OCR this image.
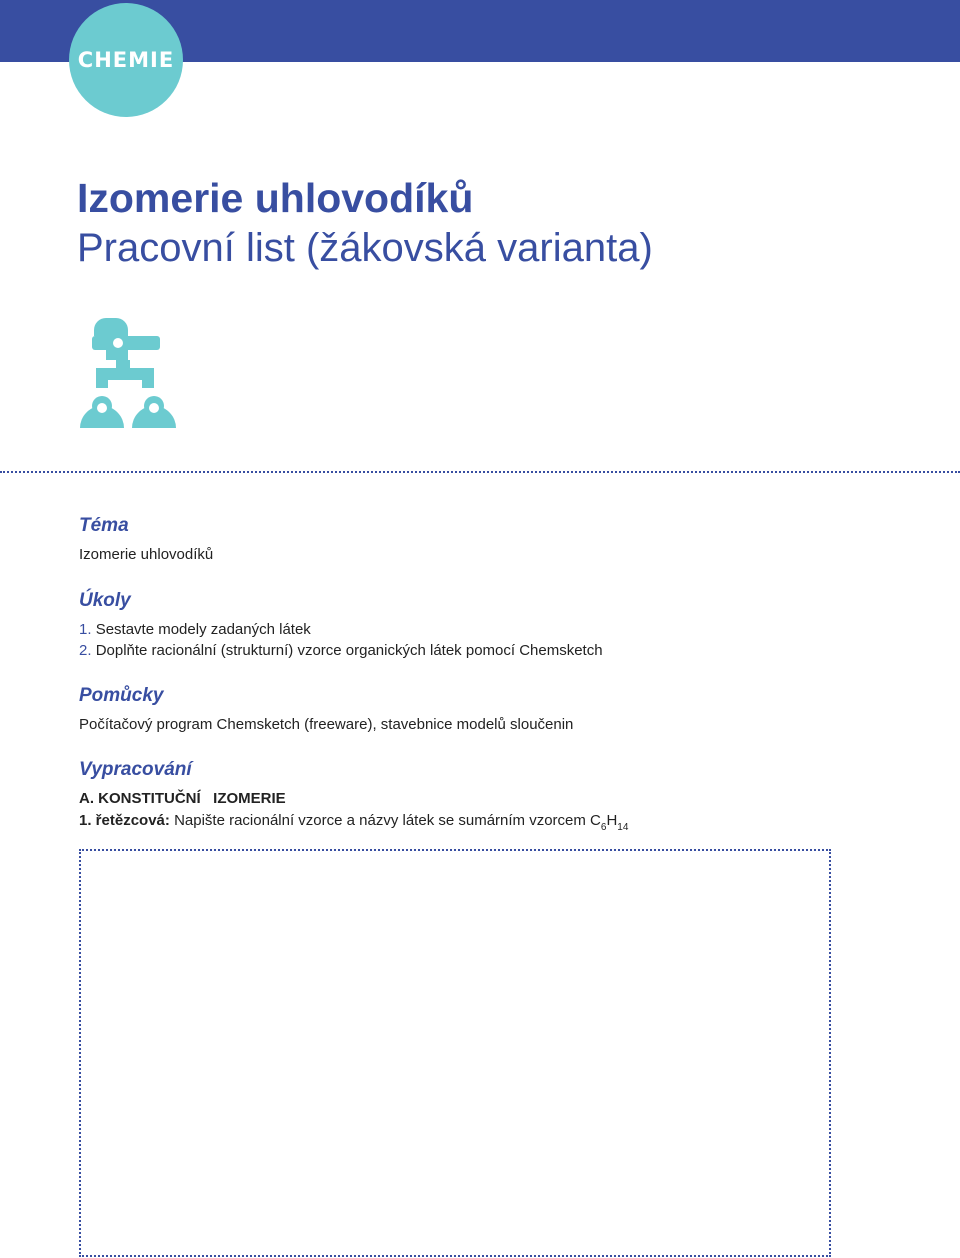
CHEMIE
Izomerie uhlovodíků
Pracovní list (žákovská varianta)
Téma

Izomerie uhlovodíků

Úkoly

1. Sestavte modely zadaných látek

2. Doplňte racionální (strukturní) vzorce organických látek pomocí Chemsketch

Pomůcky

Počítačový program Chemsketch (freeware), stavebnice modelů sloučenin

Vypracování

A. KONSTITUČNÍ   IZOMERIE

1. řetězcová: Napište racionální vzorce a názvy látek se sumárním vzorcem $C_6H_{14}$
